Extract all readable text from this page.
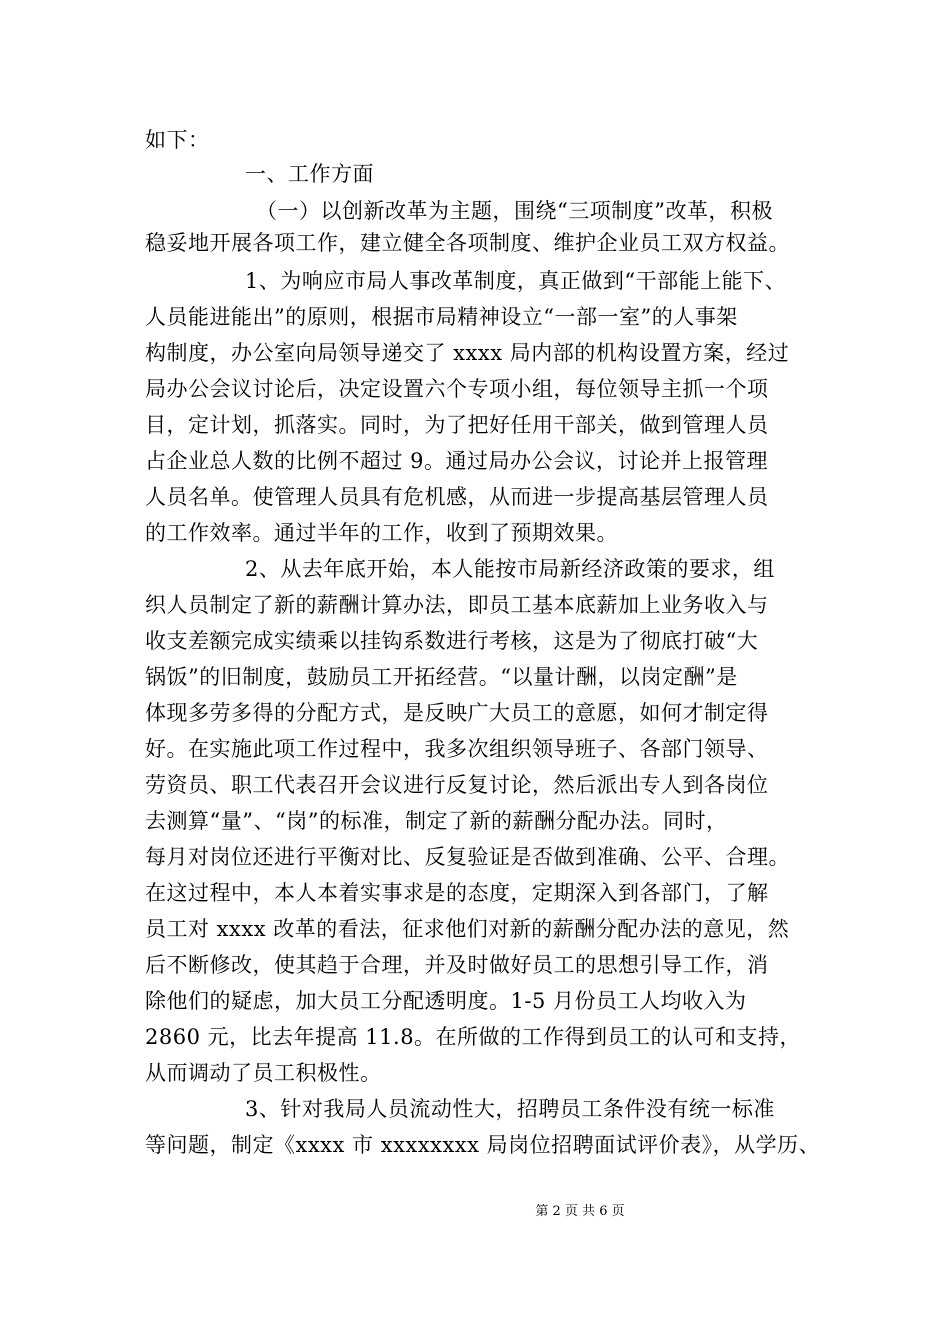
如下：
一、工作方面
（一）以创新改革为主题，围绕“三项制度”改革，积极
稳妥地开展各项工作，建立健全各项制度、维护企业员工双方权益。
1、为响应市局人事改革制度，真正做到“干部能上能下、
人员能进能出”的原则，根据市局精神设立“一部一室”的人事架
构制度，办公室向局领导递交了 xxxx 局内部的机构设置方案，经过
局办公会议讨论后，决定设置六个专项小组，每位领导主抓一个项
目，定计划，抓落实。同时，为了把好任用干部关，做到管理人员
占企业总人数的比例不超过 9。通过局办公会议，讨论并上报管理
人员名单。使管理人员具有危机感，从而进一步提高基层管理人员
的工作效率。通过半年的工作，收到了预期效果。
2、从去年底开始，本人能按市局新经济政策的要求，组
织人员制定了新的薪酬计算办法，即员工基本底薪加上业务收入与
收支差额完成实绩乘以挂钩系数进行考核，这是为了彻底打破“大
锅饭”的旧制度，鼓励员工开拓经营。“以量计酬，以岗定酬”是
体现多劳多得的分配方式，是反映广大员工的意愿，如何才制定得
好。在实施此项工作过程中，我多次组织领导班子、各部门领导、
劳资员、职工代表召开会议进行反复讨论，然后派出专人到各岗位
去测算“量”、“岗”的标准，制定了新的薪酬分配办法。同时，
每月对岗位还进行平衡对比、反复验证是否做到准确、公平、合理。
在这过程中，本人本着实事求是的态度，定期深入到各部门，了解
员工对 xxxx 改革的看法，征求他们对新的薪酬分配办法的意见，然
后不断修改，使其趋于合理，并及时做好员工的思想引导工作，消
除他们的疑虑，加大员工分配透明度。1-5 月份员工人均收入为
2860 元，比去年提高 11.8。在所做的工作得到员工的认可和支持，
从而调动了员工积极性。
3、针对我局人员流动性大，招聘员工条件没有统一标准
等问题，制定《xxxx 市 xxxxxxxx 局岗位招聘面试评价表》，从学历、
第 2 页 共 6 页
